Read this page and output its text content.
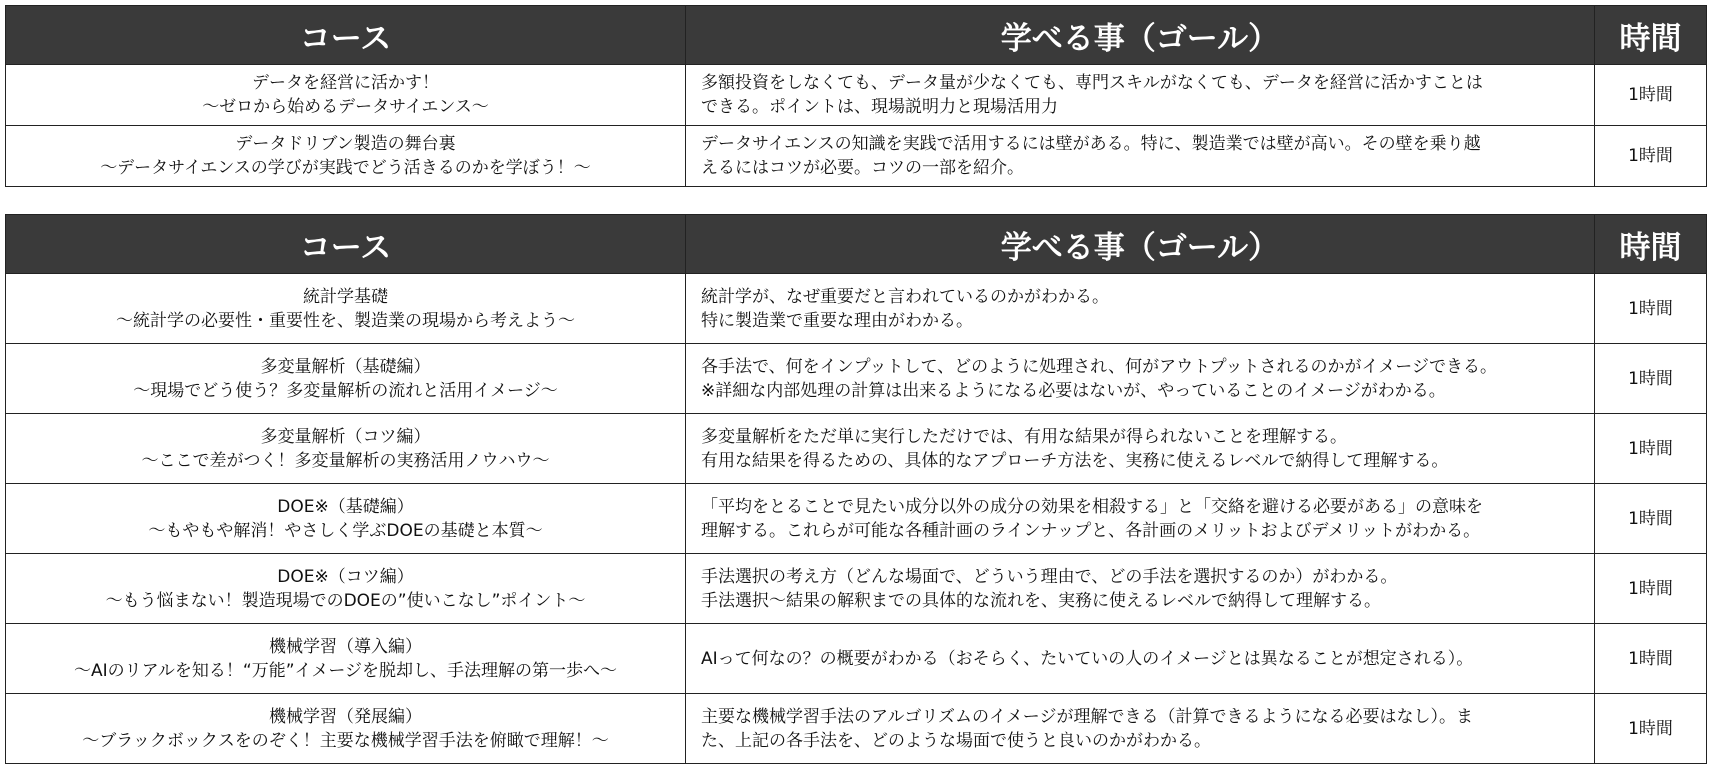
コース	学べる事（ゴール）	時間

データを経営に活かす！
～ゼロから始めるデータサイエンス～	多額投資をしなくても、データ量が少なくても、専門スキルがなくても、データを経営に活かすことは
できる。ポイントは、現場説明力と現場活用力	1時間

データドリブン製造の舞台裏
～データサイエンスの学びが実践でどう活きるのかを学ぼう！～	データサイエンスの知識を実践で活用するには壁がある。特に、製造業では壁が高い。その壁を乗り越
えるにはコツが必要。コツの一部を紹介。	1時間
コース	学べる事（ゴール）	時間

統計学基礎
～統計学の必要性・重要性を、製造業の現場から考えよう～	統計学が、なぜ重要だと言われているのかがわかる。
特に製造業で重要な理由がわかる。	1時間

多変量解析（基礎編）
～現場でどう使う？多変量解析の流れと活用イメージ～	各手法で、何をインプットして、どのように処理され、何がアウトプットされるのかがイメージできる。
※詳細な内部処理の計算は出来るようになる必要はないが、やっていることのイメージがわかる。	1時間

多変量解析（コツ編）
～ここで差がつく！多変量解析の実務活用ノウハウ～	多変量解析をただ単に実行しただけでは、有用な結果が得られないことを理解する。
有用な結果を得るための、具体的なアプローチ方法を、実務に使えるレベルで納得して理解する。	1時間

DOE※（基礎編）
～もやもや解消！やさしく学ぶDOEの基礎と本質～	「平均をとることで見たい成分以外の成分の効果を相殺する」と「交絡を避ける必要がある」の意味を
理解する。これらが可能な各種計画のラインナップと、各計画のメリットおよびデメリットがわかる。	1時間

DOE※（コツ編）
～もう悩まない！製造現場でのDOEの”使いこなし”ポイント～	手法選択の考え方（どんな場面で、どういう理由で、どの手法を選択するのか）がわかる。
手法選択～結果の解釈までの具体的な流れを、実務に使えるレベルで納得して理解する。	1時間

機械学習（導入編）
～AIのリアルを知る！“万能”イメージを脱却し、手法理解の第一歩へ～	AIって何なの？の概要がわかる（おそらく、たいていの人のイメージとは異なることが想定される）。	1時間

機械学習（発展編）
～ブラックボックスをのぞく！主要な機械学習手法を俯瞰で理解！～	主要な機械学習手法のアルゴリズムのイメージが理解できる（計算できるようになる必要はなし）。ま
た、上記の各手法を、どのような場面で使うと良いのかがわかる。	1時間
